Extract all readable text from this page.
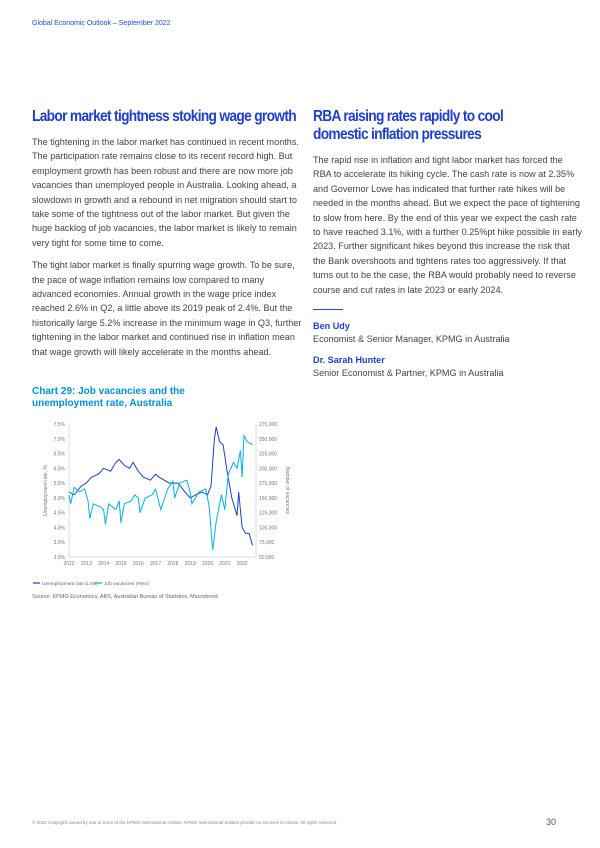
Global Economic Outlook – September 2022
Labor market tightness stoking wage growth

The tightening in the labor market has continued in recent months. The participation rate remains close to its recent record high. But employment growth has been robust and there are now more job vacancies than unemployed people in Australia. Looking ahead, a slowdown in growth and a rebound in net migration should start to take some of the tightness out of the labor market. But given the huge backlog of job vacancies, the labor market is likely to remain very tight for some time to come.

The tight labor market is finally spurring wage growth. To be sure, the pace of wage inflation remains low compared to many advanced economies. Annual growth in the wage price index reached 2.6% in Q2, a little above its 2019 peak of 2.4%. But the historically large 5.2% increase in the minimum wage in Q3, further tightening in the labor market and continued rise in inflation mean that wage growth will likely accelerate in the months ahead.

RBA raising rates rapidly to cool
domestic inflation pressures

The rapid rise in inflation and tight labor market has forced the RBA to accelerate its hiking cycle. The cash rate is now at 2.35% and Governor Lowe has indicated that further rate hikes will be needed in the months ahead. But we expect the pace of tightening to slow from here. By the end of this year we expect the cash rate to have reached 3.1%, with a further 0.25%pt hike possible in early 2023. Further significant hikes beyond this increase the risk that the Bank overshoots and tightens rates too aggressively. If that turns out to be the case, the RBA would probably need to reverse course and cut rates in late 2023 or early 2024.

Ben Udy
Economist & Senior Manager, KPMG in Australia
Dr. Sarah Hunter
Senior Economist & Partner, KPMG in Australia
Chart 29: Job vacancies and the
unemployment rate, Australia
3.0%
3.5%
4.0%
4.5%
5.0%
5.5%
6.0%
6.5%
7.0%
7.5%
50,000
75,000
100,000
125,000
150,000
175,000
200,000
225,000
250,000
275,000
2012 2013 2014 2015 2016 2017 2018 2019 2020 2021 2022
Unemployment rate, %	Number of vacancies
Unemployment rate (LHS) Job vacancies (RHS)
Source: KPMG Economics, ABS, Australian Bureau of Statistics, Macrobond.
© 2022 Copyright owned by one or more of the KPMG International entities. KPMG International entities provide no services to clients. All rights reserved.	30
